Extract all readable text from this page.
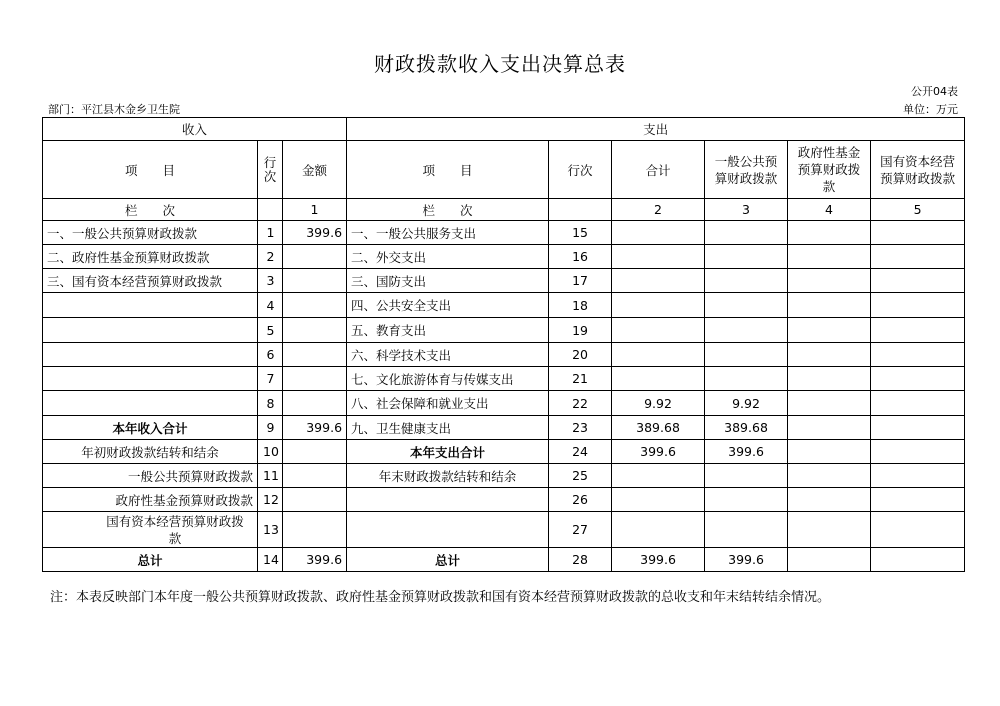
财政拨款收入支出决算总表
公开04表
部门：平江县木金乡卫生院	单位：万元
收入			支出					
项　　目	行次	金额	项　　目	行次	合计	一般公共预算财政拨款	政府性基金预算财政拨款	国有资本经营预算财政拨款
栏　　次		1	栏　　次		2	3	4	5
一、一般公共预算财政拨款	1	399.6	一、一般公共服务支出	15				
二、政府性基金预算财政拨款	2		二、外交支出	16				
三、国有资本经营预算财政拨款	3		三、国防支出	17				
	4		四、公共安全支出	18				
	5		五、教育支出	19				
	6		六、科学技术支出	20				
	7		七、文化旅游体育与传媒支出	21				
	8		八、社会保障和就业支出	22	9.92	9.92		
本年收入合计	9	399.6	九、卫生健康支出	23	389.68	389.68		
年初财政拨款结转和结余	10		本年支出合计	24	399.6	399.6		
一般公共预算财政拨款	11		年末财政拨款结转和结余	25				
政府性基金预算财政拨款	12			26				
国有资本经营预算财政拨款	13			27				
总计	14	399.6	总计	28	399.6	399.6		
注：本表反映部门本年度一般公共预算财政拨款、政府性基金预算财政拨款和国有资本经营预算财政拨款的总收支和年末结转结余情况。
